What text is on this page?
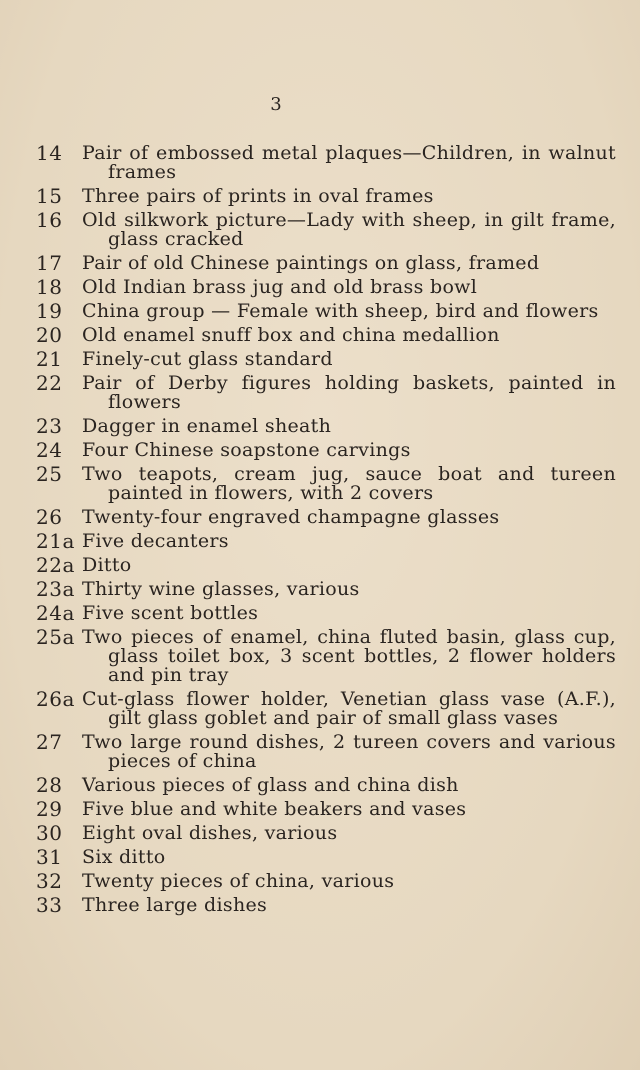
3
14	Pair of embossed metal plaques—Children, in walnut frames
15	Three pairs of prints in oval frames
16	Old silkwork picture—Lady with sheep, in gilt frame, glass cracked
17	Pair of old Chinese paintings on glass, framed
18	Old Indian brass jug and old brass bowl
19	China group — Female with sheep, bird and flowers
20	Old enamel snuff box and china medallion
21	Finely-cut glass standard
22	Pair of Derby figures holding baskets, painted in flowers
23	Dagger in enamel sheath
24	Four Chinese soapstone carvings
25	Two teapots, cream jug, sauce boat and tureen painted in flowers, with 2 covers
26	Twenty-four engraved champagne glasses
21a Five decanters
22a Ditto
23a Thirty wine glasses, various
24a Five scent bottles
25a Two pieces of enamel, china fluted basin, glass cup, glass toilet box, 3 scent bottles, 2 flower holders and pin tray
26a Cut-glass flower holder, Venetian glass vase (A.F.), gilt glass goblet and pair of small glass vases
27	Two large round dishes, 2 tureen covers and various pieces of china
28	Various pieces of glass and china dish
29	Five blue and white beakers and vases
30	Eight oval dishes, various
31	Six ditto
32	Twenty pieces of china, various
33	Three large dishes
